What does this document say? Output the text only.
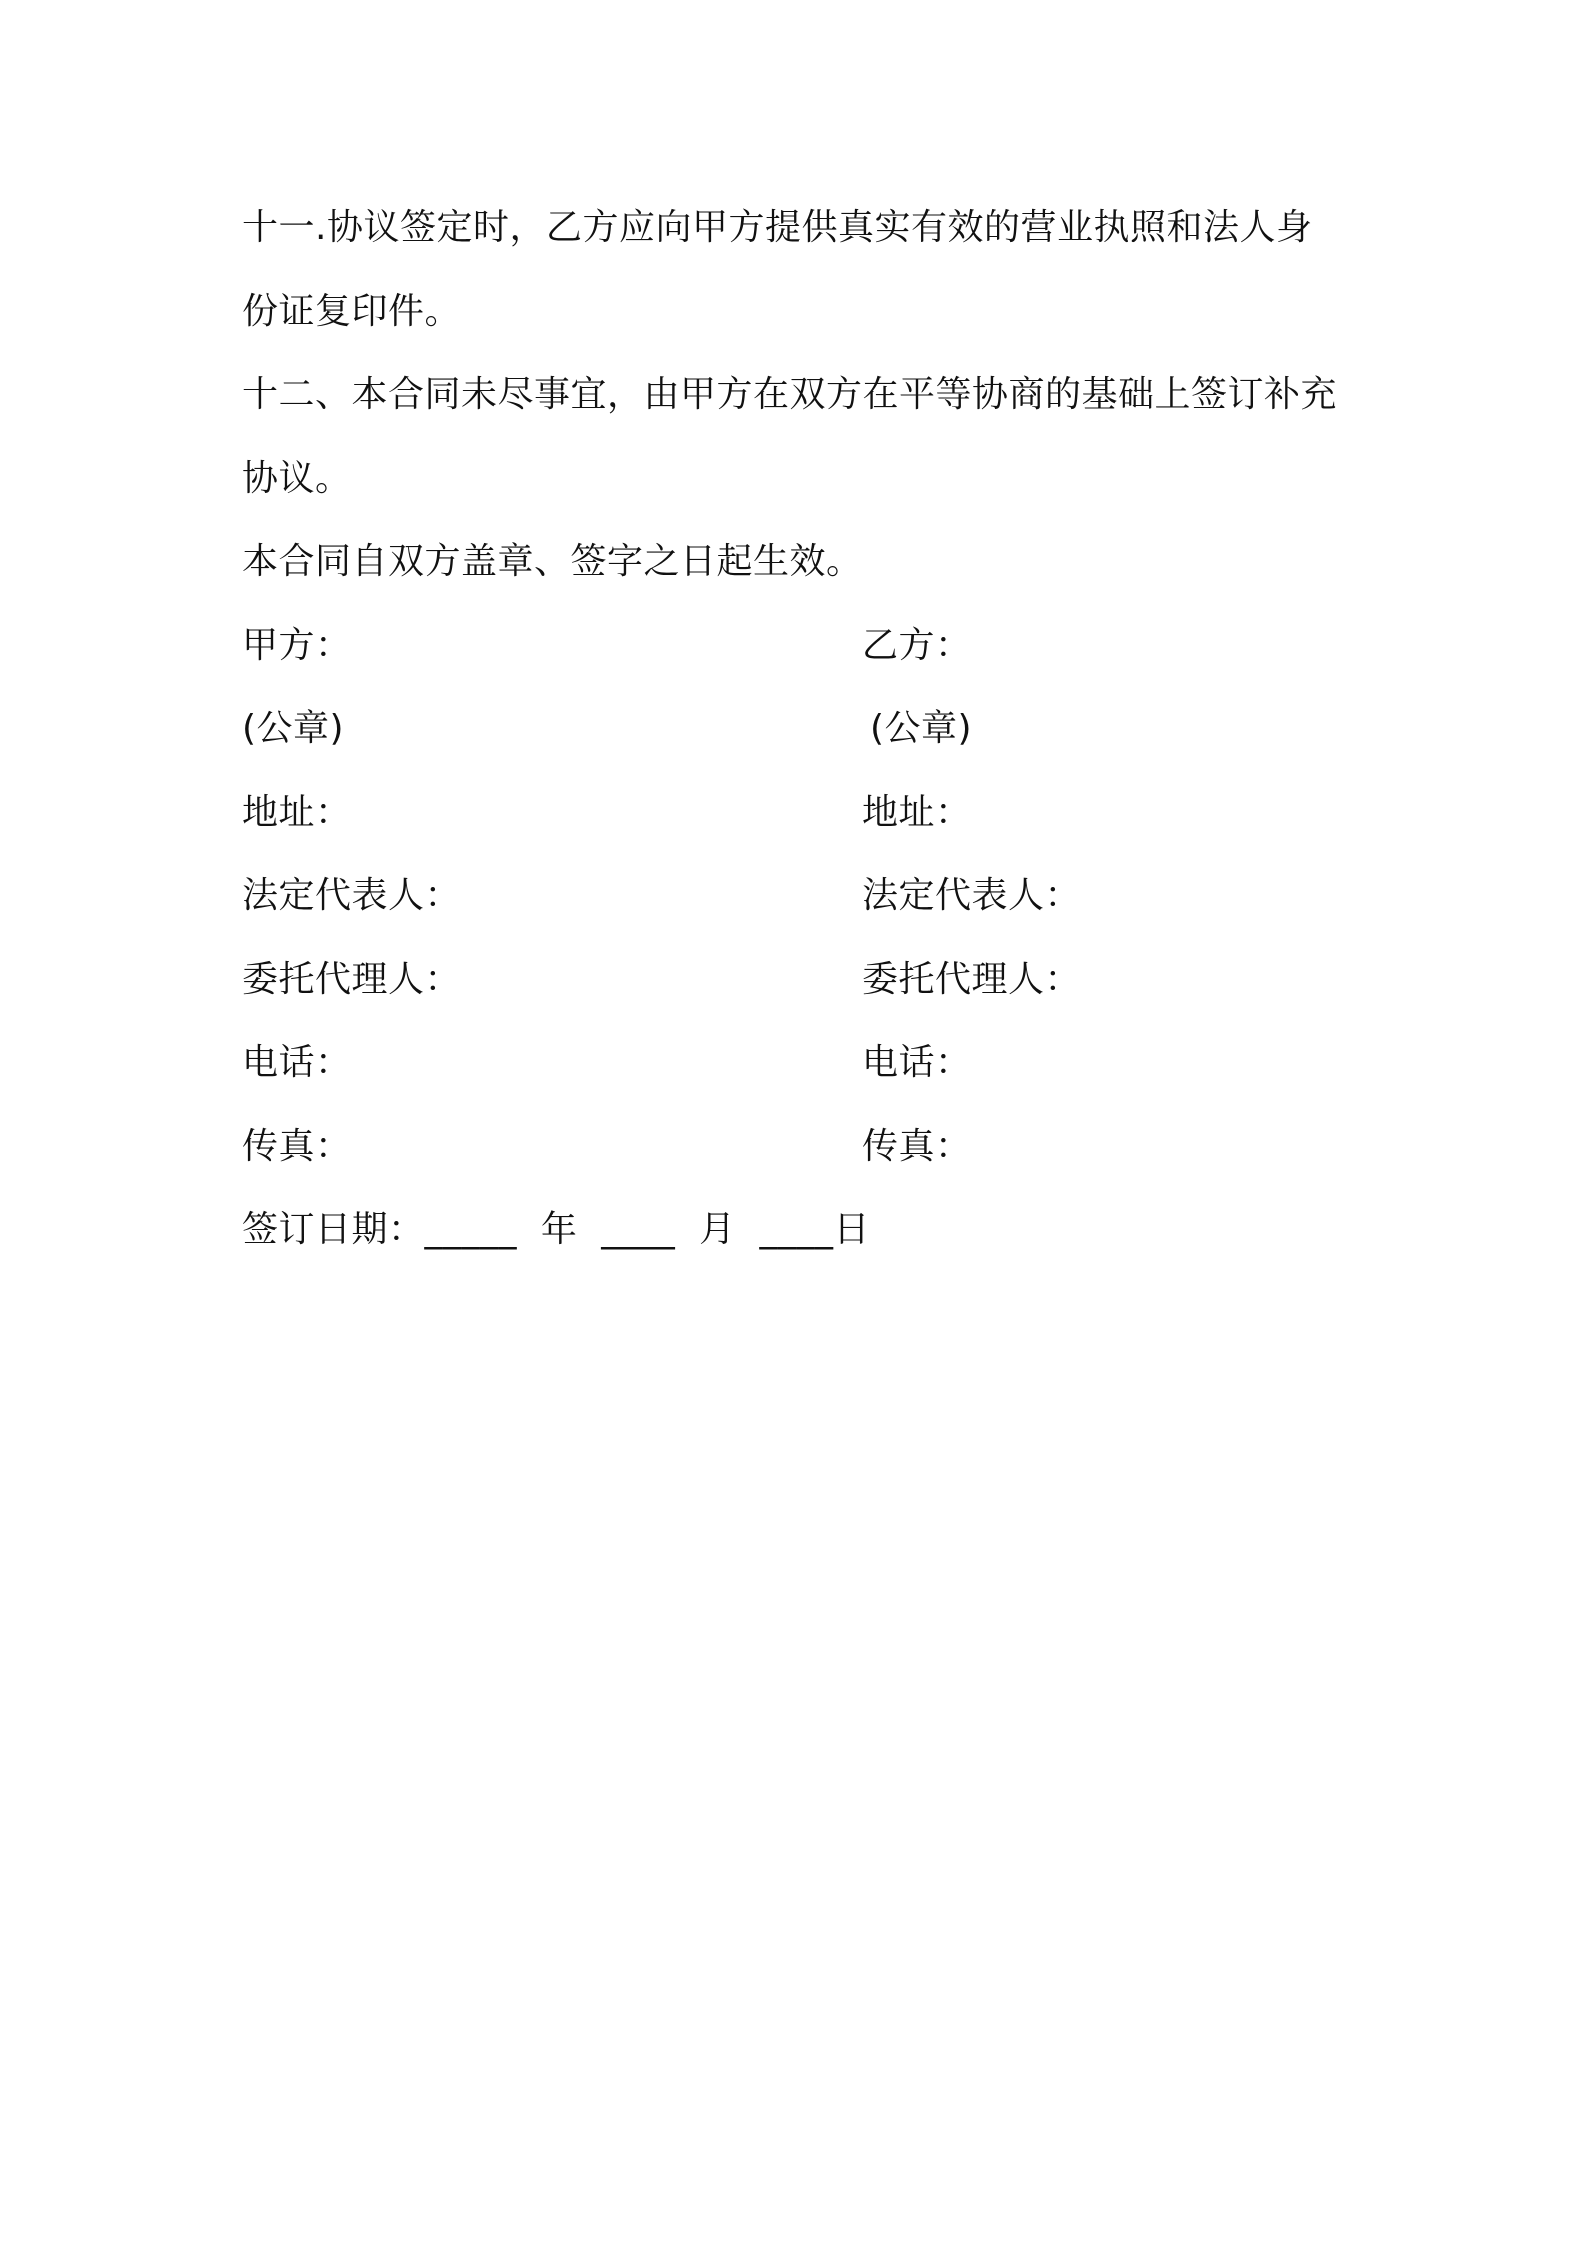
十一.协议签定时，乙方应向甲方提供真实有效的营业执照和法人身
份证复印件。
十二、本合同未尽事宜，由甲方在双方在平等协商的基础上签订补充
协议。
本合同自双方盖章、签字之日起生效。
甲方：	乙方：
(公章)	(公章)
地址：	地址：
法定代表人：	法定代表人：
委托代理人：	委托代理人：
电话：	电话：
传真：	传真：
签订日期：_____  年  ____  月  ____日
